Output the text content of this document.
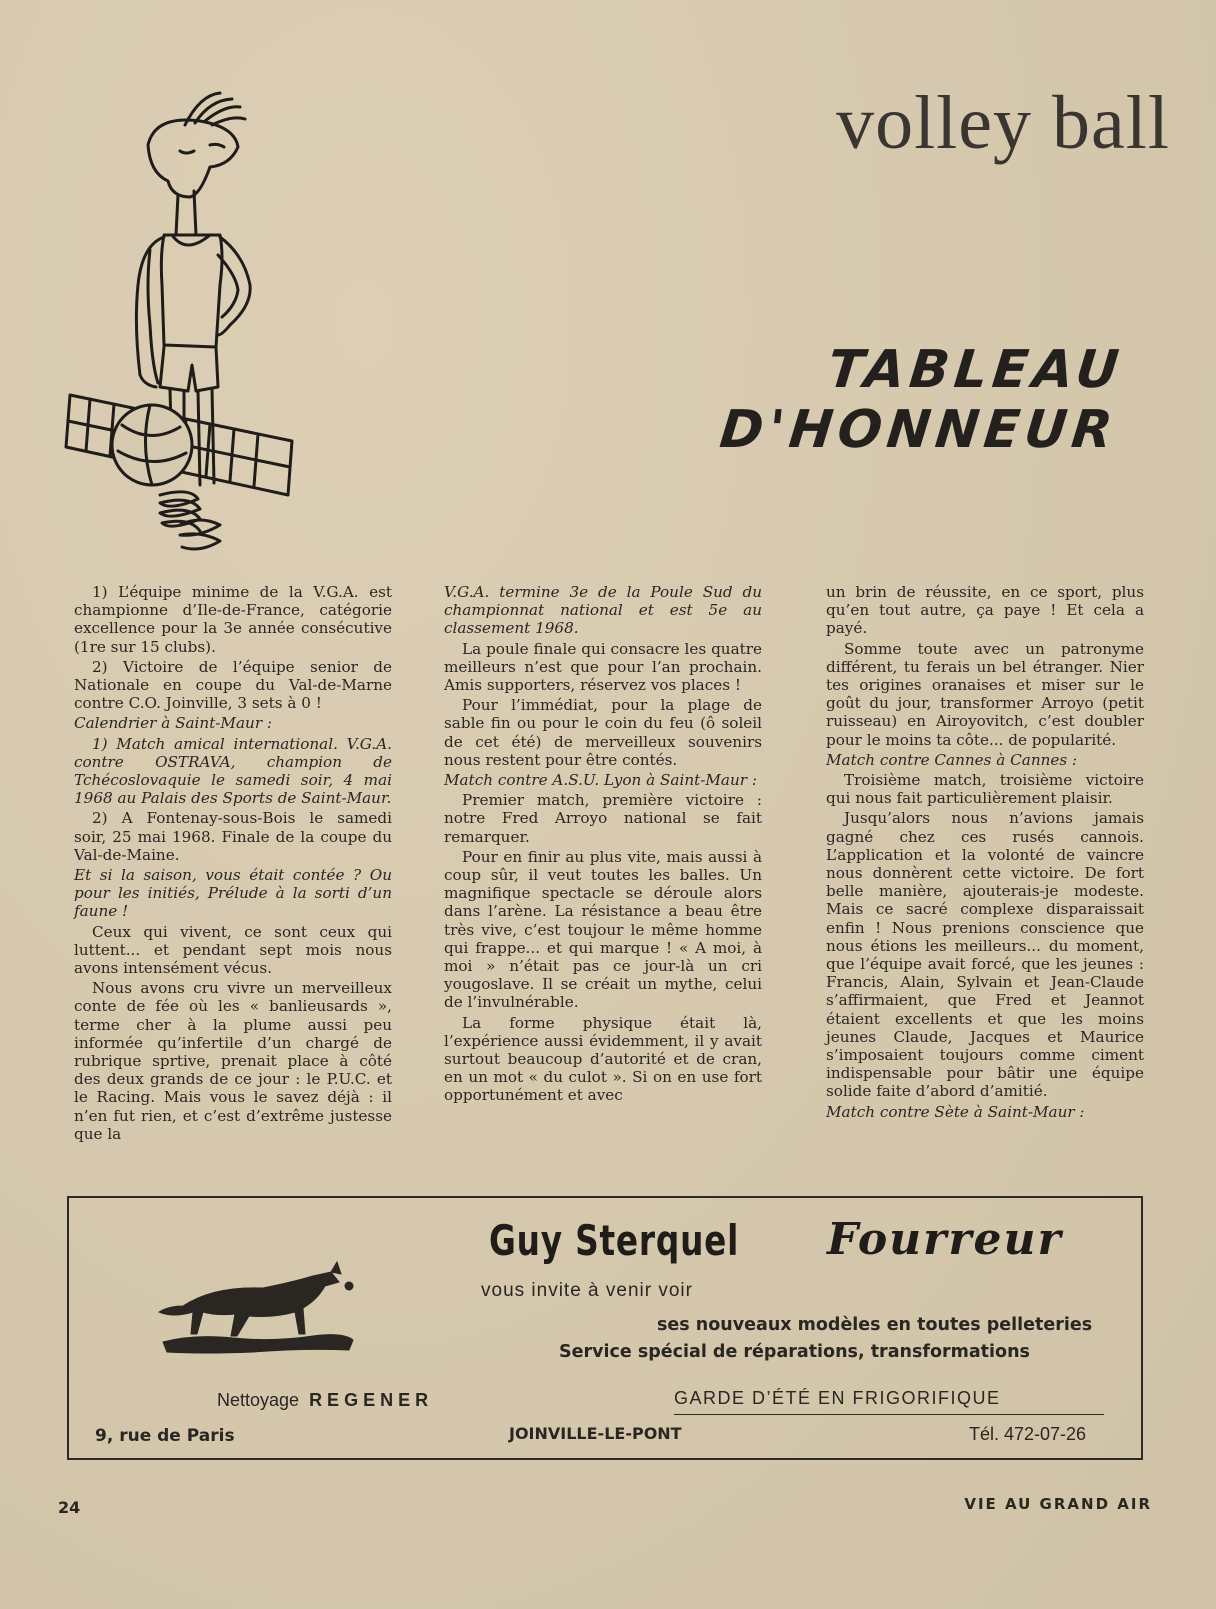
volley ball
TABLEAU D'HONNEUR

1) L’équipe minime de la V.G.A. est championne d’Ile-de-France, catégorie excellence pour la 3e année consécutive (1re sur 15 clubs).

2) Victoire de l’équipe senior de Nationale en coupe du Val-de-Marne contre C.O. Joinville, 3 sets à 0 !

Calendrier à Saint-Maur :

1) Match amical international. V.G.A. contre OSTRAVA, champion de Tchécoslovaquie le samedi soir, 4 mai 1968 au Palais des Sports de Saint-Maur.

2) A Fontenay-sous-Bois le samedi soir, 25 mai 1968. Finale de la coupe du Val-de-Maine.

Et si la saison, vous était contée ? Ou pour les initiés, Prélude à la sorti d’un faune !

Ceux qui vivent, ce sont ceux qui luttent... et pendant sept mois nous avons intensément vécus.

Nous avons cru vivre un merveilleux conte de fée où les « banlieusards », terme cher à la plume aussi peu informée qu’infertile d’un chargé de rubrique sprtive, prenait place à côté des deux grands de ce jour : le P.U.C. et le Racing. Mais vous le savez déjà : il n’en fut rien, et c’est d’extrême justesse que la

V.G.A. termine 3e de la Poule Sud du championnat national et est 5e au classement 1968.

La poule finale qui consacre les quatre meilleurs n’est que pour l’an prochain. Amis supporters, réservez vos places !

Pour l’immédiat, pour la plage de sable fin ou pour le coin du feu (ô soleil de cet été) de merveilleux souvenirs nous restent pour être contés.

Match contre A.S.U. Lyon à Saint-Maur :

Premier match, première victoire : notre Fred Arroyo national se fait remarquer.

Pour en finir au plus vite, mais aussi à coup sûr, il veut toutes les balles. Un magnifique spectacle se déroule alors dans l’arène. La résistance a beau être très vive, c’est toujour le même homme qui frappe... et qui marque ! « A moi, à moi » n’était pas ce jour-là un cri yougoslave. Il se créait un mythe, celui de l’invulnérable.

La forme physique était là, l’expérience aussi évidemment, il y avait surtout beaucoup d’autorité et de cran, en un mot « du culot ». Si on en use fort opportunément et avec

un brin de réussite, en ce sport, plus qu’en tout autre, ça paye ! Et cela a payé.

Somme toute avec un patronyme différent, tu ferais un bel étranger. Nier tes origines oranaises et miser sur le goût du jour, transformer Arroyo (petit ruisseau) en Airoyovitch, c’est doubler pour le moins ta côte... de popularité.

Match contre Cannes à Cannes :

Troisième match, troisième victoire qui nous fait particulièrement plaisir.

Jusqu’alors nous n’avions jamais gagné chez ces rusés cannois. L’application et la volonté de vaincre nous donnèrent cette victoire. De fort belle manière, ajouterais-je modeste. Mais ce sacré complexe disparaissait enfin ! Nous prenions conscience que nous étions les meilleurs... du moment, que l’équipe avait forcé, que les jeunes : Francis, Alain, Sylvain et Jean-Claude s’affirmaient, que Fred et Jeannot étaient excellents et que les moins jeunes Claude, Jacques et Maurice s’imposaient toujours comme ciment indispensable pour bâtir une équipe solide faite d’abord d’amitié.

Match contre Sète à Saint-Maur :

Guy Sterquel Fourreur
vous invite à venir voir
ses nouveaux modèles en toutes pelleteries
Service spécial de réparations, transformations
Nettoyage REGENER	GARDE D’ÉTÉ EN FRIGORIFIQUE
9, rue de Paris	JOINVILLE-LE-PONT	Tél. 472-07-26
24	VIE AU GRAND AIR
